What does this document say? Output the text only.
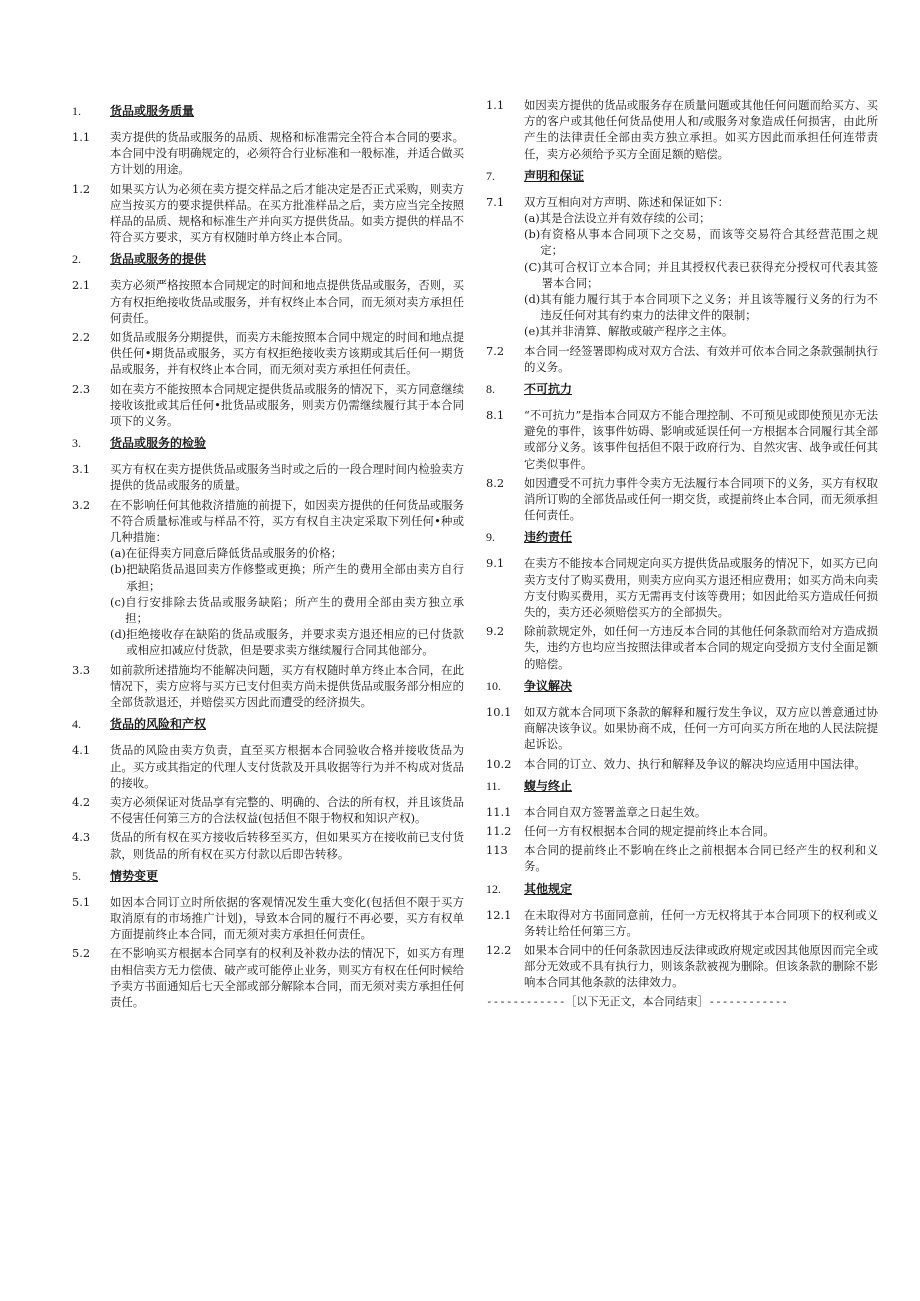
1.	货品或服务质量
1.1	卖方提供的货品或服务的品质、规格和标准需完全符合本合同的要求。本合同中没有明确规定的，必须符合行业标准和一般标准，并适合做买方计划的用途。
1.2	如果买方认为必须在卖方提交样品之后才能决定是否正式采购，则卖方应当按买方的要求提供样品。在买方批准样品之后，卖方应当完全按照样品的品质、规格和标准生产并向买方提供货品。如卖方提供的样品不符合买方要求，买方有权随时单方终止本合同。
2.	货品或服务的提供
2.1	卖方必须严格按照本合同规定的时间和地点提供货品或服务，否则，买方有权拒绝接收货品或服务，并有权终止本合同，而无须对卖方承担任何责任。
2.2	如货品或服务分期提供，而卖方未能按照本合同中规定的时间和地点提供任何•期货品或服务，买方有权拒绝接收卖方该期或其后任何一期货品或服务，并有权终止本合同，而无须对卖方承担任何责任。
2.3	如在卖方不能按照本合同规定提供货品或服务的情况下，买方同意继续接收该批或其后任何•批货品或服务，则卖方仍需继续履行其于本合同项下的义务。
3.	货品或服务的检验
3.1	买方有权在卖方提供货品或服务当时或之后的一段合理时间内检验卖方提供的货品或服务的质量。
3.2	在不影响任何其他救济措施的前提下，如因卖方提供的任何货品或服务不符合质量标准或与样品不符，买方有权自主决定采取下列任何•种或几种措施：
(a) 在征得卖方同意后降低货品或服务的价格；
(b) 把缺陷货品退回卖方作修整或更换；所产生的费用全部由卖方自行承担；
(c) 自行安排除去货品或服务缺陷；所产生的费用全部由卖方独立承担；
(d) 拒绝接收存在缺陷的货品或服务，并要求卖方退还相应的已付货款或相应扣减应付货款，但是要求卖方继续履行合同其他部分。
3.3	如前款所述措施均不能解决问题，买方有权随时单方终止本合同，在此情况下，卖方应将与买方已支付但卖方尚未提供货品或服务部分相应的全部货款退还，并赔偿买方因此而遭受的经济损失。
4.	货品的风险和产权
4.1	货品的风险由卖方负责，直至买方根据本合同验收合格并接收货品为止。买方或其指定的代理人支付货款及开具收据等行为并不构成对货品的接收。
4.2	卖方必须保证对货品享有完整的、明确的、合法的所有权，并且该货品不侵害任何第三方的合法权益(包括但不限于物权和知识产权)。
4.3	货品的所有权在买方接收后转移至买方，但如果买方在接收前已支付货款，则货品的所有权在买方付款以后即告转移。
5.	情势变更
5.1	如因本合同订立时所依据的客观情况发生重大变化(包括但不限于买方取消原有的市场推广计划)，导致本合同的履行不再必要，买方有权单方面提前终止本合同，而无须对卖方承担任何责任。
5.2	在不影响买方根据本合同享有的权利及补救办法的情况下，如买方有理由相信卖方无力偿债、破产或可能停止业务，则买方有权在任何时候给予卖方书面通知后七天全部或部分解除本合同，而无须对卖方承担任何责任。
1.1	如因卖方提供的货品或服务存在质量问题或其他任何问题而给买方、买方的客户或其他任何货品使用人和/或服务对象造成任何损害，由此所产生的法律责任全部由卖方独立承担。如买方因此而承担任何连带责任，卖方必须给予买方全面足额的赔偿。
7.	声明和保证
7.1	双方互相向对方声明、陈述和保证如下：
(a) 其是合法设立并有效存续的公司；
(b) 有资格从事本合同项下之交易，而该等交易符合其经营范围之规定；
(C) 其可合权订立本合同；并且其授权代表已获得充分授权可代表其签署本合同；
(d) 其有能力履行其于本合同项下之义务；并且该等履行义务的行为不违反任何对其有约束力的法律文件的限制；
(e) 其并非清算、解散或破产程序之主体。
7.2	本合同一经签署即构成对双方合法、有效并可依本合同之条款强制执行的义务。
8.	不可抗力
8.1	“不可抗力”是指本合同双方不能合理控制、不可预见或即使预见亦无法避免的事件，该事件妨碍、影响或延误任何一方根据本合同履行其全部或部分义务。该事件包括但不限于政府行为、自然灾害、战争或任何其它类似事件。
8.2	如因遭受不可抗力事件令卖方无法履行本合同项下的义务，买方有权取消所订购的全部货品或任何一期交货，或提前终止本合同，而无须承担任何责任。
9.	违约责任
9.1	在卖方不能按本合同规定向买方提供货品或服务的情况下，如买方已向卖方支付了购买费用，则卖方应向买方退还相应费用；如买方尚未向卖方支付购买费用，买方无需再支付该等费用；如因此给买方造成任何损失的，卖方还必须赔偿买方的全部损失。
9.2	除前款规定外，如任何一方违反本合同的其他任何条款而给对方造成损失，违约方也均应当按照法律或者本合同的规定向受损方支付全面足额的赔偿。
10.	争议解决
10.1	如双方就本合同项下条款的解释和履行发生争议，双方应以善意通过协商解决该争议。如果协商不成，任何一方可向买方所在地的人民法院提起诉讼。
10.2	本合同的订立、效力、执行和解释及争议的解决均应适用中国法律。
11.	蝮与终止
11.1	本合同自双方签署盖章之日起生效。
11.2	任何一方有权根据本合同的规定提前终止本合同。
113	本合同的提前终止不影响在终止之前根据本合同已经产生的权利和义务。
12.	其他规定
12.1	在未取得对方书面同意前，任何一方无权将其于本合同项下的权利或义务转让给任何第三方。
12.2	如果本合同中的任何条款因违反法律或政府规定或因其他原因而完全或部分无效或不具有执行力，则该条款被视为删除。但该条款的删除不影响本合同其他条款的法律效力。
------------［以下无正文，本合同结束］------------
